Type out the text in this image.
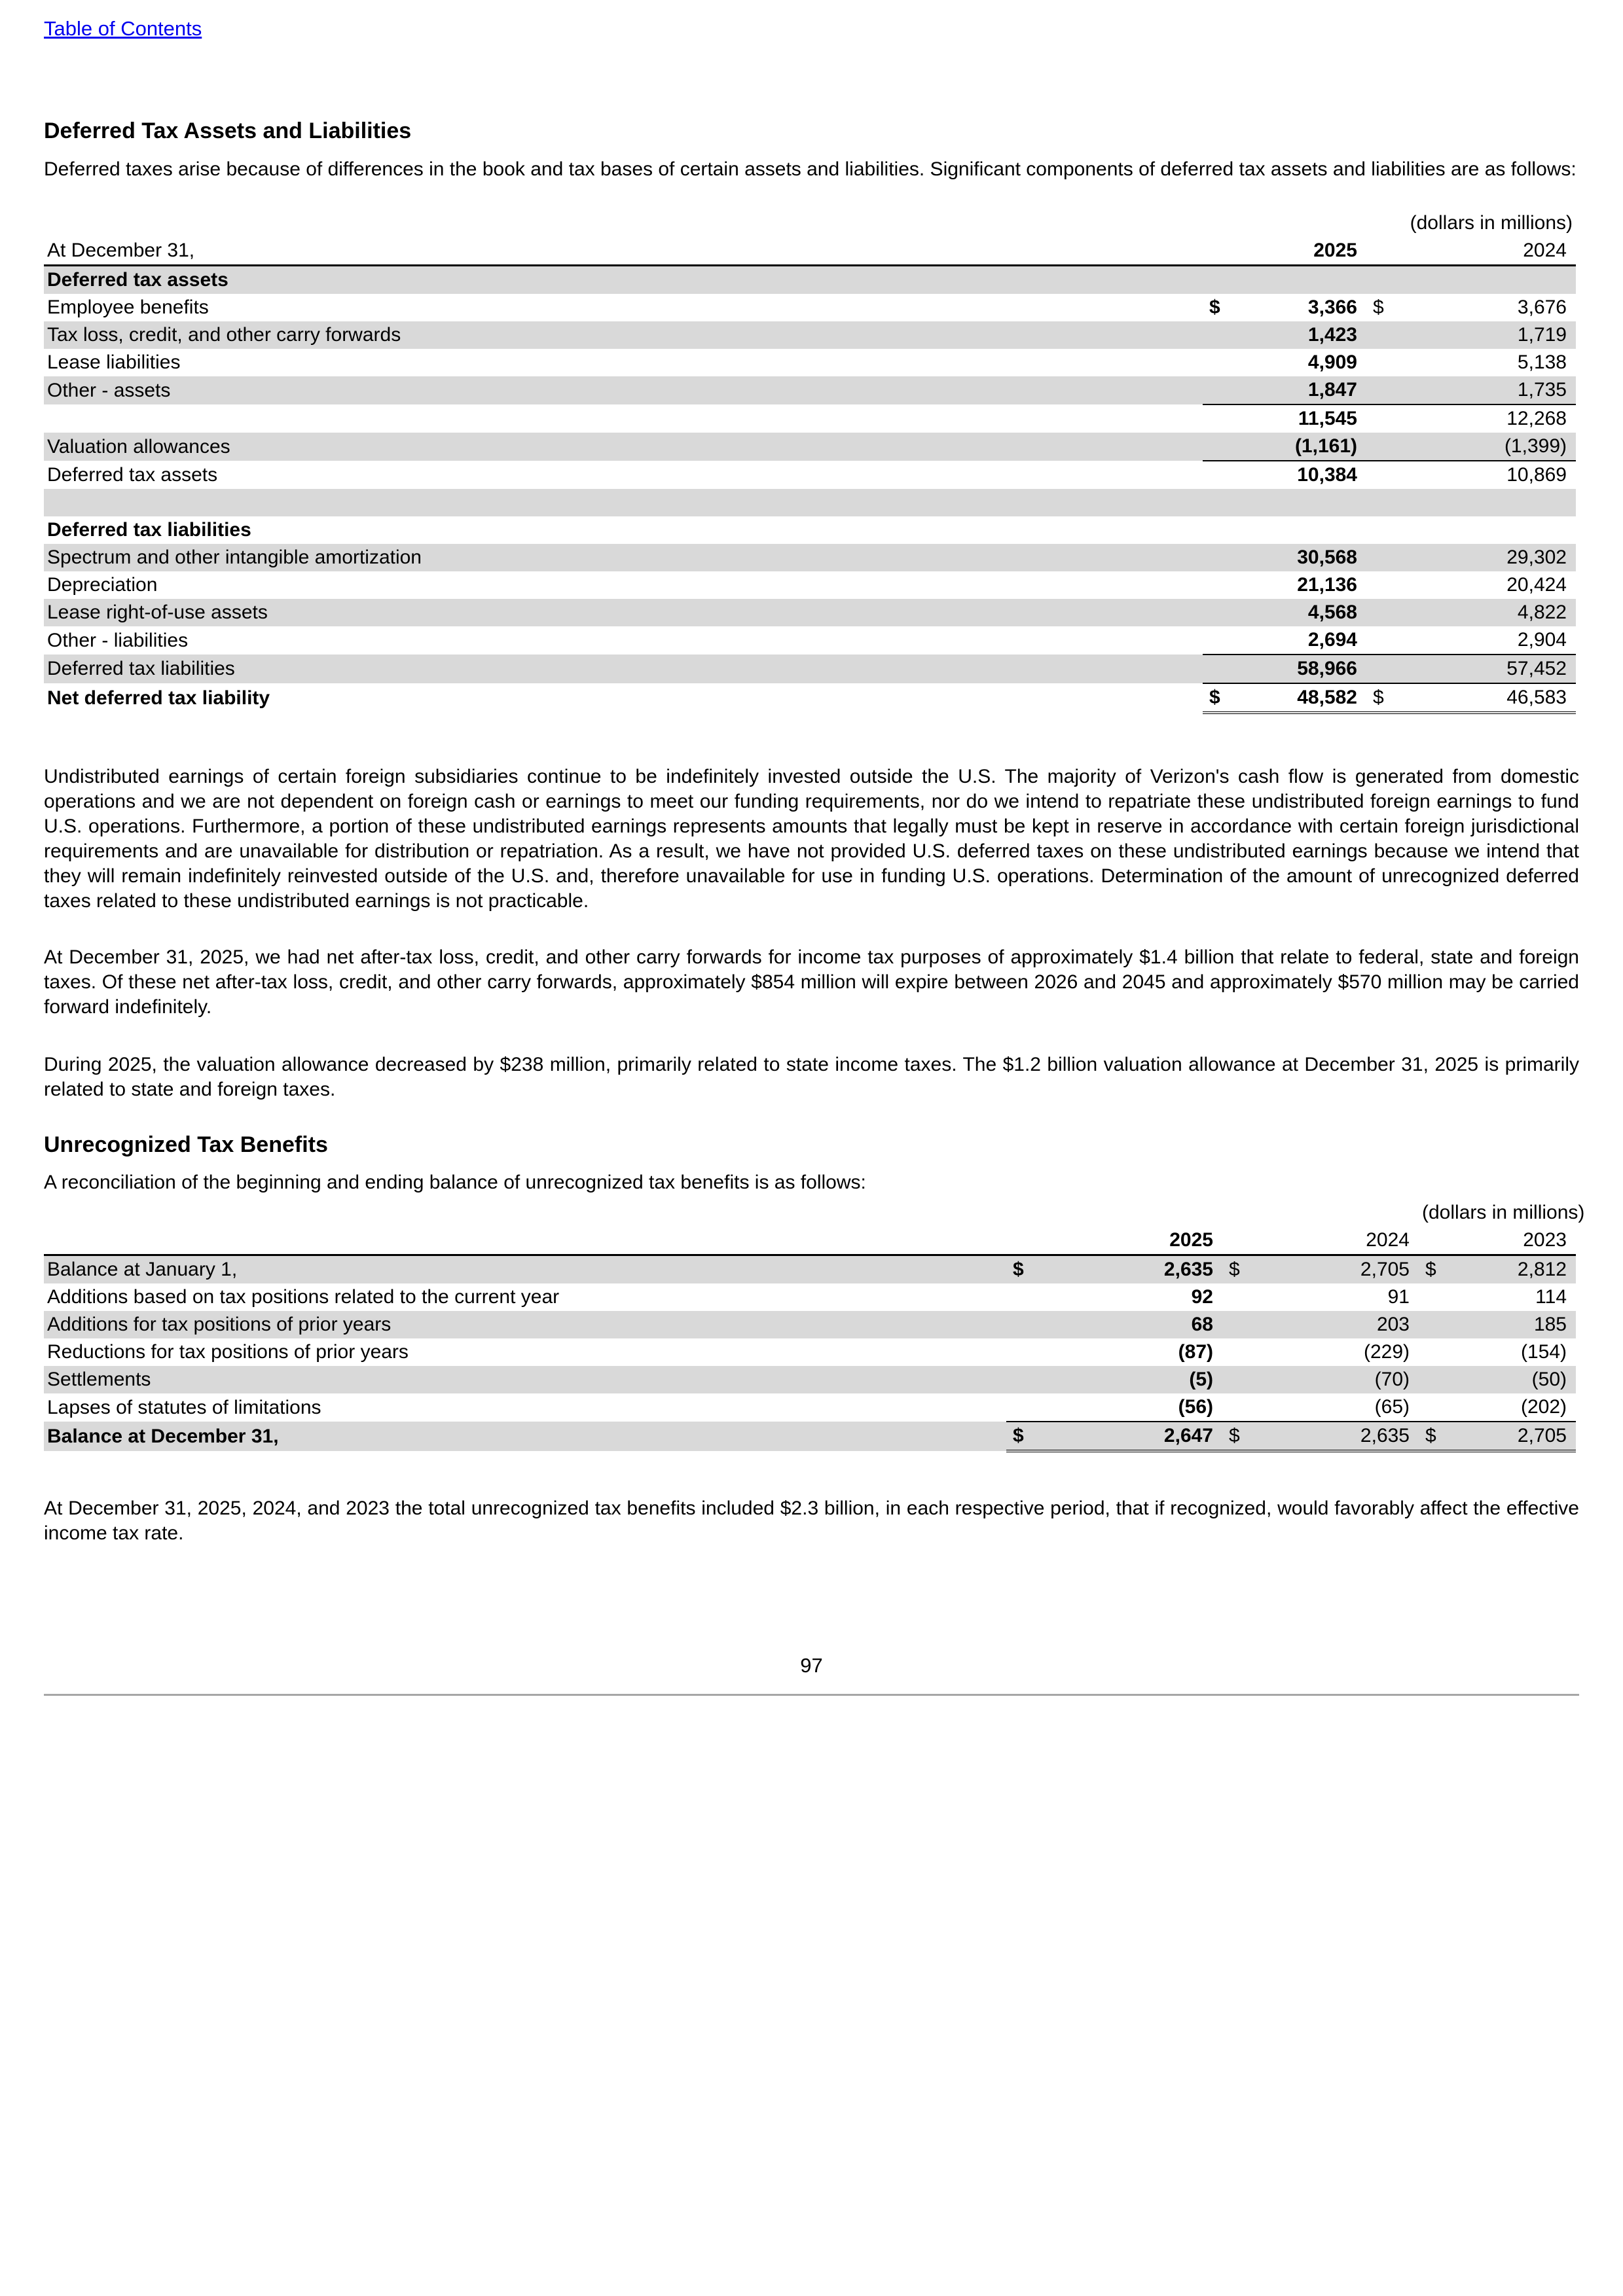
Table of Contents
Deferred Tax Assets and Liabilities

Deferred taxes arise because of differences in the book and tax bases of certain assets and liabilities. Significant components of deferred tax assets and liabilities are as follows:

			(dollars in millions)	
At December 31,		2025		2024
Deferred tax assets				
Employee benefits	$	3,366	$	3,676
Tax loss, credit, and other carry forwards		1,423		1,719
Lease liabilities		4,909		5,138
Other - assets		1,847		1,735
		11,545		12,268
Valuation allowances		(1,161)		(1,399)
Deferred tax assets		10,384		10,869

Deferred tax liabilities				
Spectrum and other intangible amortization		30,568		29,302
Depreciation		21,136		20,424
Lease right-of-use assets		4,568		4,822
Other - liabilities		2,694		2,904
Deferred tax liabilities		58,966		57,452
Net deferred tax liability	$	48,582	$	46,583

Undistributed earnings of certain foreign subsidiaries continue to be indefinitely invested outside the U.S. The majority of Verizon's cash flow is generated from domestic operations and we are not dependent on foreign cash or earnings to meet our funding requirements, nor do we intend to repatriate these undistributed foreign earnings to fund U.S. operations. Furthermore, a portion of these undistributed earnings represents amounts that legally must be kept in reserve in accordance with certain foreign jurisdictional requirements and are unavailable for distribution or repatriation. As a result, we have not provided U.S. deferred taxes on these undistributed earnings because we intend that they will remain indefinitely reinvested outside of the U.S. and, therefore unavailable for use in funding U.S. operations. Determination of the amount of unrecognized deferred taxes related to these undistributed earnings is not practicable.

At December 31, 2025, we had net after-tax loss, credit, and other carry forwards for income tax purposes of approximately $1.4 billion that relate to federal, state and foreign taxes. Of these net after-tax loss, credit, and other carry forwards, approximately $854 million will expire between 2026 and 2045 and approximately $570 million may be carried forward indefinitely.

During 2025, the valuation allowance decreased by $238 million, primarily related to state income taxes. The $1.2 billion valuation allowance at December 31, 2025 is primarily related to state and foreign taxes.

Unrecognized Tax Benefits

A reconciliation of the beginning and ending balance of unrecognized tax benefits is as follows:

					(dollars in millions)	
		2025		2024		2023
Balance at January 1,	$	2,635	$	2,705	$	2,812
Additions based on tax positions related to the current year		92		91		114
Additions for tax positions of prior years		68		203		185
Reductions for tax positions of prior years		(87)		(229)		(154)
Settlements		(5)		(70)		(50)
Lapses of statutes of limitations		(56)		(65)		(202)
Balance at December 31,	$	2,647	$	2,635	$	2,705

At December 31, 2025, 2024, and 2023 the total unrecognized tax benefits included $2.3 billion, in each respective period, that if recognized, would favorably affect the effective income tax rate.

97
